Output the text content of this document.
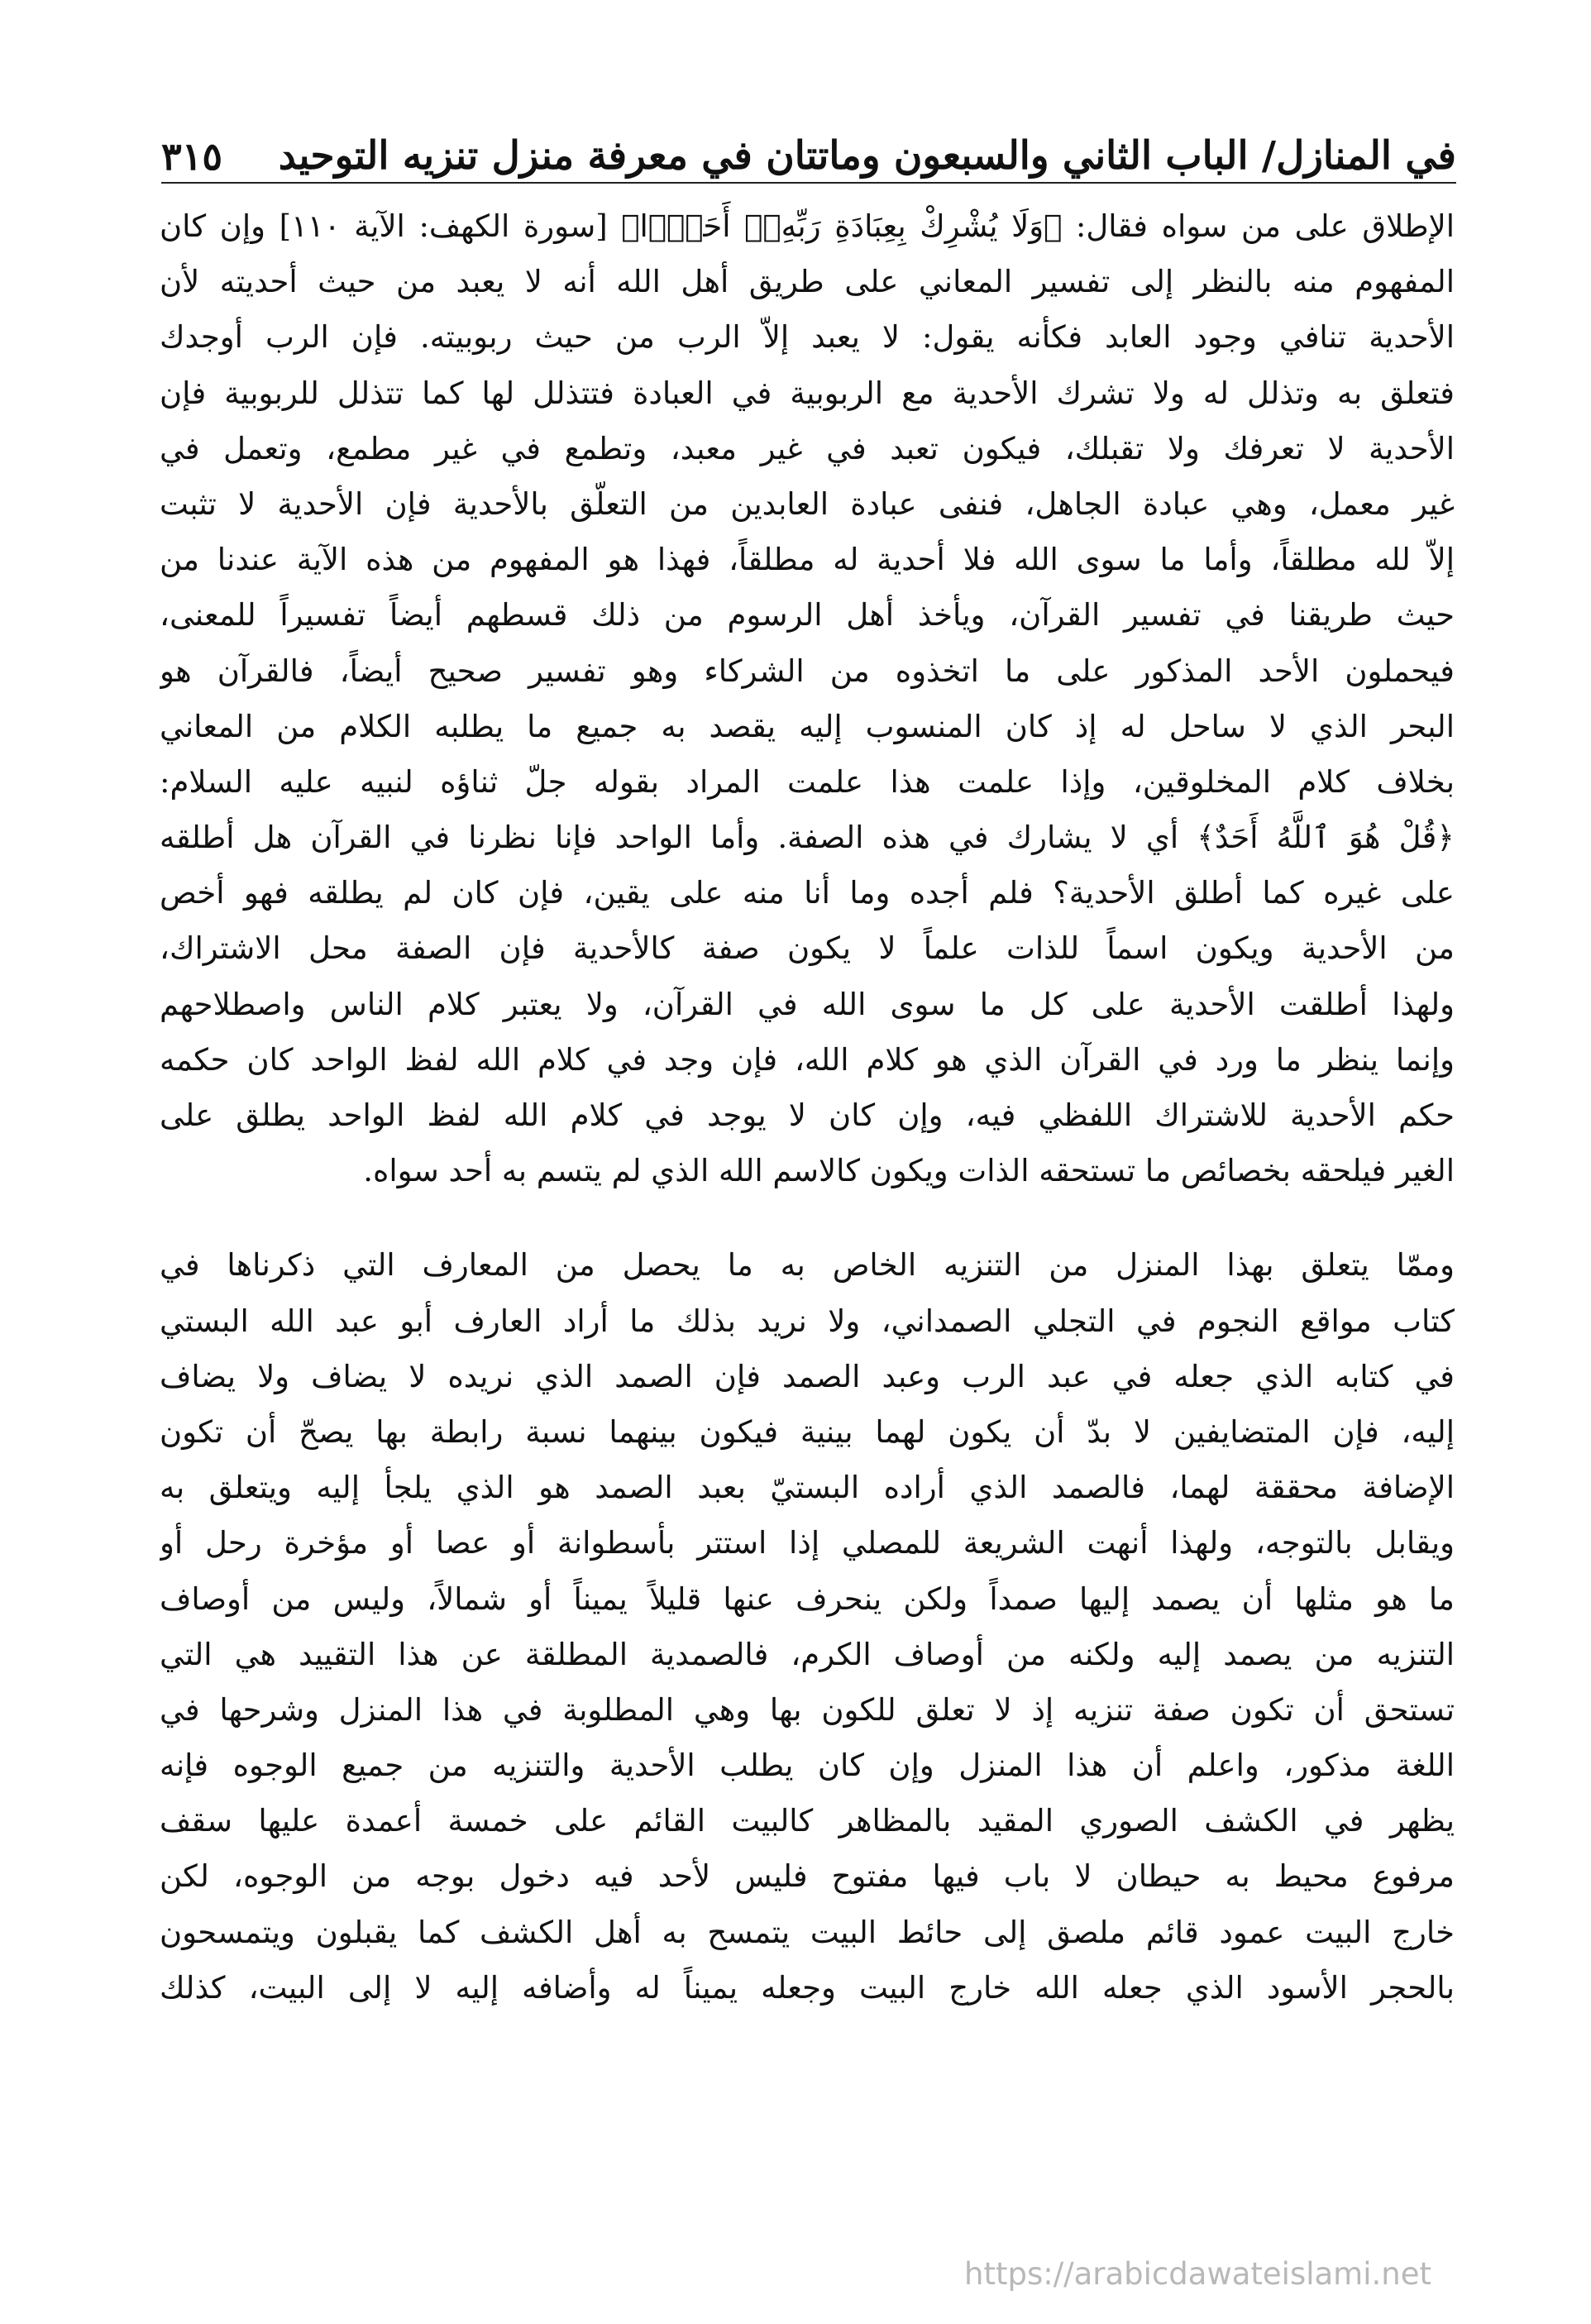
في المنازل/ الباب الثاني والسبعون وماتتان في معرفة منزل تنزيه التوحيد
٣١٥
الإطلاق على من سواه فقال: ﴿وَلَا يُشْرِكْ بِعِبَادَةِ رَبِّهِۦٓ أَحَدًۢا﴾ [سورة الكهف: الآية ١١٠] وإن كان
المفهوم منه بالنظر إلى تفسير المعاني على طريق أهل الله أنه لا يعبد من حيث أحديته لأن
الأحدية تنافي وجود العابد فكأنه يقول: لا يعبد إلاّ الرب من حيث ربوبيته. فإن الرب أوجدك
فتعلق به وتذلل له ولا تشرك الأحدية مع الربوبية في العبادة فتتذلل لها كما تتذلل للربوبية فإن
الأحدية لا تعرفك ولا تقبلك، فيكون تعبد في غير معبد، وتطمع في غير مطمع، وتعمل في
غير معمل، وهي عبادة الجاهل، فنفى عبادة العابدين من التعلّق بالأحدية فإن الأحدية لا تثبت
إلاّ لله مطلقاً، وأما ما سوى الله فلا أحدية له مطلقاً، فهذا هو المفهوم من هذه الآية عندنا من
حيث طريقنا في تفسير القرآن، ويأخذ أهل الرسوم من ذلك قسطهم أيضاً تفسيراً للمعنى،
فيحملون الأحد المذكور على ما اتخذوه من الشركاء وهو تفسير صحيح أيضاً، فالقرآن هو
البحر الذي لا ساحل له إذ كان المنسوب إليه يقصد به جميع ما يطلبه الكلام من المعاني
بخلاف كلام المخلوقين، وإذا علمت هذا علمت المراد بقوله جلّ ثناؤه لنبيه عليه السلام:
﴿قُلْ هُوَ ٱللَّهُ أَحَدٌ﴾ أي لا يشارك في هذه الصفة. وأما الواحد فإنا نظرنا في القرآن هل أطلقه
على غيره كما أطلق الأحدية؟ فلم أجده وما أنا منه على يقين، فإن كان لم يطلقه فهو أخص
من الأحدية ويكون اسماً للذات علماً لا يكون صفة كالأحدية فإن الصفة محل الاشتراك،
ولهذا أطلقت الأحدية على كل ما سوى الله في القرآن، ولا يعتبر كلام الناس واصطلاحهم
وإنما ينظر ما ورد في القرآن الذي هو كلام الله، فإن وجد في كلام الله لفظ الواحد كان حكمه
حكم الأحدية للاشتراك اللفظي فيه، وإن كان لا يوجد في كلام الله لفظ الواحد يطلق على
الغير فيلحقه بخصائص ما تستحقه الذات ويكون كالاسم الله الذي لم يتسم به أحد سواه.
وممّا يتعلق بهذا المنزل من التنزيه الخاص به ما يحصل من المعارف التي ذكرناها في
كتاب مواقع النجوم في التجلي الصمداني، ولا نريد بذلك ما أراد العارف أبو عبد الله البستي
في كتابه الذي جعله في عبد الرب وعبد الصمد فإن الصمد الذي نريده لا يضاف ولا يضاف
إليه، فإن المتضايفين لا بدّ أن يكون لهما بينية فيكون بينهما نسبة رابطة بها يصحّ أن تكون
الإضافة محققة لهما، فالصمد الذي أراده البستيّ بعبد الصمد هو الذي يلجأ إليه ويتعلق به
ويقابل بالتوجه، ولهذا أنهت الشريعة للمصلي إذا استتر بأسطوانة أو عصا أو مؤخرة رحل أو
ما هو مثلها أن يصمد إليها صمداً ولكن ينحرف عنها قليلاً يميناً أو شمالاً، وليس من أوصاف
التنزيه من يصمد إليه ولكنه من أوصاف الكرم، فالصمدية المطلقة عن هذا التقييد هي التي
تستحق أن تكون صفة تنزيه إذ لا تعلق للكون بها وهي المطلوبة في هذا المنزل وشرحها في
اللغة مذكور، واعلم أن هذا المنزل وإن كان يطلب الأحدية والتنزيه من جميع الوجوه فإنه
يظهر في الكشف الصوري المقيد بالمظاهر كالبيت القائم على خمسة أعمدة عليها سقف
مرفوع محيط به حيطان لا باب فيها مفتوح فليس لأحد فيه دخول بوجه من الوجوه، لكن
خارج البيت عمود قائم ملصق إلى حائط البيت يتمسح به أهل الكشف كما يقبلون ويتمسحون
بالحجر الأسود الذي جعله الله خارج البيت وجعله يميناً له وأضافه إليه لا إلى البيت، كذلك
https://arabicdawateislami.net
